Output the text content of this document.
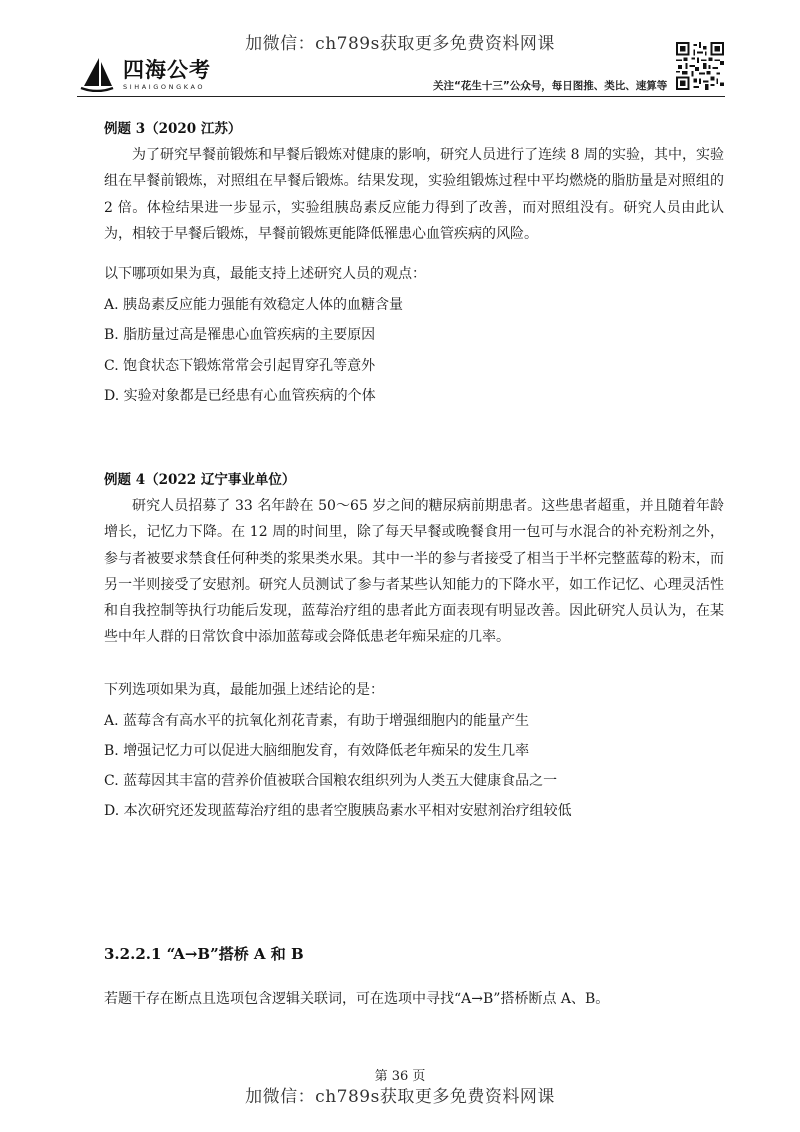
加微信：ch789s获取更多免费资料网课
四海公考
SIHAIGONGKAO	关注“花生十三”公众号，每日图推、类比、速算等
例题 3（2020 江苏）
为了研究早餐前锻炼和早餐后锻炼对健康的影响，研究人员进行了连续 8 周的实验，其中，实验组在早餐前锻炼，对照组在早餐后锻炼。结果发现，实验组锻炼过程中平均燃烧的脂肪量是对照组的 2 倍。体检结果进一步显示，实验组胰岛素反应能力得到了改善，而对照组没有。研究人员由此认为，相较于早餐后锻炼，早餐前锻炼更能降低罹患心血管疾病的风险。
以下哪项如果为真，最能支持上述研究人员的观点：
A. 胰岛素反应能力强能有效稳定人体的血糖含量
B. 脂肪量过高是罹患心血管疾病的主要原因
C. 饱食状态下锻炼常常会引起胃穿孔等意外
D. 实验对象都是已经患有心血管疾病的个体
例题 4（2022 辽宁事业单位）
研究人员招募了 33 名年龄在 50～65 岁之间的糖尿病前期患者。这些患者超重，并且随着年龄增长，记忆力下降。在 12 周的时间里，除了每天早餐或晚餐食用一包可与水混合的补充粉剂之外，参与者被要求禁食任何种类的浆果类水果。其中一半的参与者接受了相当于半杯完整蓝莓的粉末，而另一半则接受了安慰剂。研究人员测试了参与者某些认知能力的下降水平，如工作记忆、心理灵活性和自我控制等执行功能后发现，蓝莓治疗组的患者此方面表现有明显改善。因此研究人员认为，在某些中年人群的日常饮食中添加蓝莓或会降低患老年痴呆症的几率。
下列选项如果为真，最能加强上述结论的是：
A. 蓝莓含有高水平的抗氧化剂花青素，有助于增强细胞内的能量产生
B. 增强记忆力可以促进大脑细胞发育，有效降低老年痴呆的发生几率
C. 蓝莓因其丰富的营养价值被联合国粮农组织列为人类五大健康食品之一
D. 本次研究还发现蓝莓治疗组的患者空腹胰岛素水平相对安慰剂治疗组较低
3.2.2.1 “A→B”搭桥 A 和 B
若题干存在断点且选项包含逻辑关联词，可在选项中寻找“A→B”搭桥断点 A、B。
第 36 页
加微信：ch789s获取更多免费资料网课
